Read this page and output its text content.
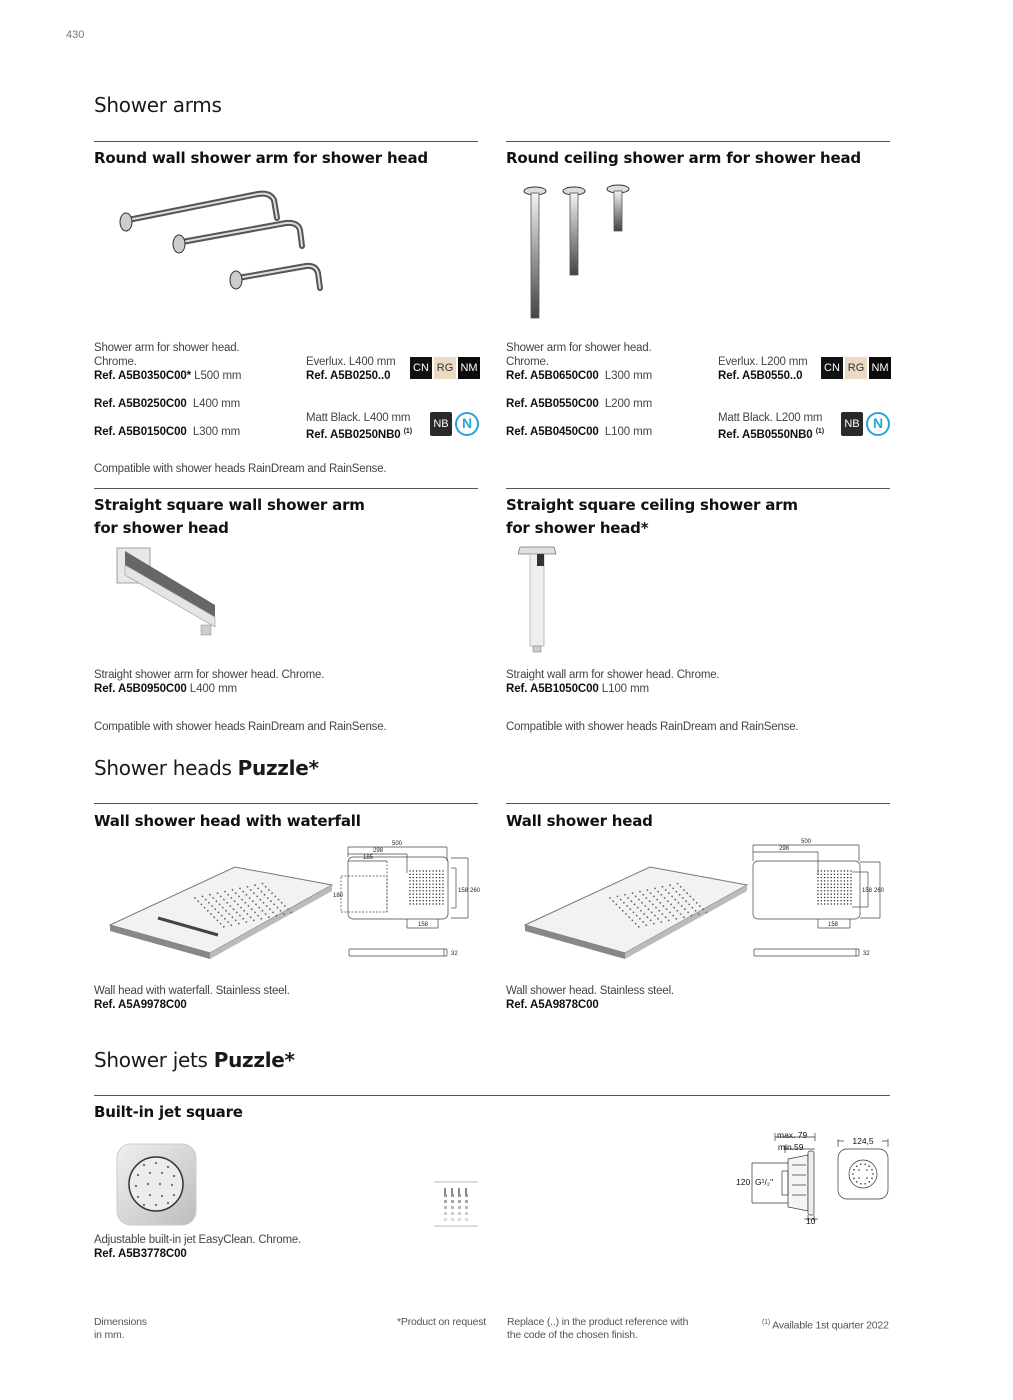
430
Shower arms
Round wall shower arm for shower head
Shower arm for shower head.
Chrome.
Ref. A5B0350C00* L500 mm
Ref. A5B0250C00 L400 mm
Ref. A5B0150C00 L300 mm
Everlux. L400 mm
Ref. A5B0250..0
CN RG NM
Matt Black. L400 mm
Ref. A5B0250NB0 $^{(1)}$
NB N
Compatible with shower heads RainDream and RainSense.
Round ceiling shower arm for shower head
Shower arm for shower head.
Chrome.
Ref. A5B0650C00 L300 mm
Ref. A5B0550C00 L200 mm
Ref. A5B0450C00 L100 mm
Everlux. L200 mm
Ref. A5B0550..0
CN RG NM
Matt Black. L200 mm
Ref. A5B0550NB0 $^{(1)}$
NB N
Straight square wall shower arm
for shower head
Straight shower arm for shower head. Chrome.
Ref. A5B0950C00 L400 mm
Compatible with shower heads RainDream and RainSense.
Straight square ceiling shower arm
for shower head*
Straight wall arm for shower head. Chrome.
Ref. A5B1050C00 L100 mm
Compatible with shower heads RainDream and RainSense.
Shower heads Puzzle*
Wall shower head with waterfall
500
298
185
180
158 260
158
32
Wall head with waterfall. Stainless steel.
Ref. A5A9978C00
Wall shower head
500
298
158 260
158
32
Wall shower head. Stainless steel.
Ref. A5A9878C00
Shower jets Puzzle*
Built-in jet square
max. 79
min.59
120 G¹/₂"
10
124,5
Adjustable built-in jet EasyClean. Chrome.
Ref. A5B3778C00
Dimensions
in mm.
*Product on request Replace (..) in the product reference with
the code of the chosen finish.
$^{(1)}$ Available 1st quarter 2022
